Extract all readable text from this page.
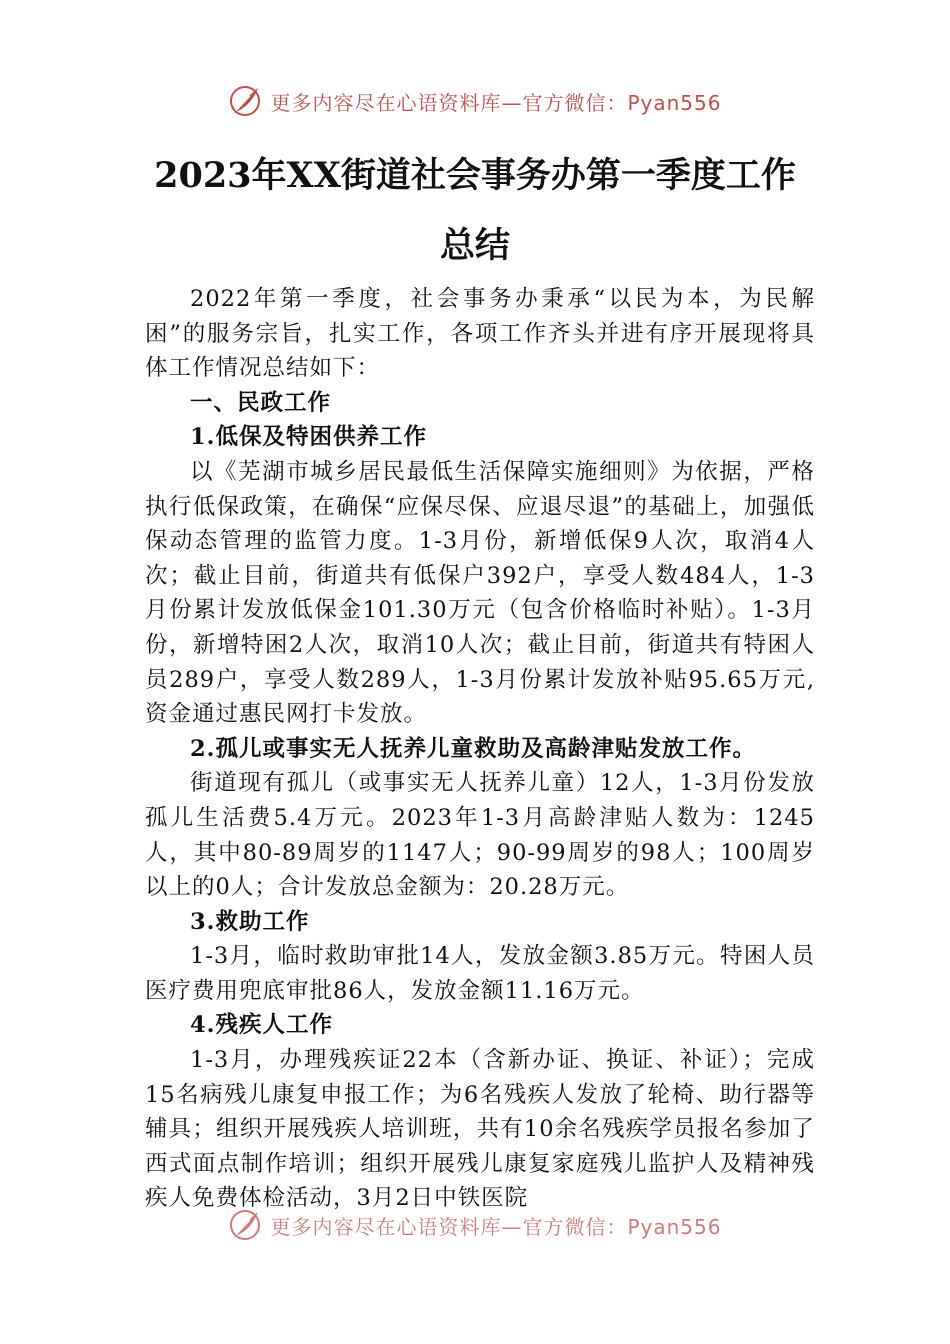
更多内容尽在心语资料库—官方微信：Pyan556
2023年XX街道社会事务办第一季度工作
总结

2022年第一季度，社会事务办秉承“以民为本，为民解困”的服务宗旨，扎实工作，各项工作齐头并进有序开展现将具体工作情况总结如下：

一、民政工作

1.低保及特困供养工作

以《芜湖市城乡居民最低生活保障实施细则》为依据，严格执行低保政策，在确保“应保尽保、应退尽退”的基础上，加强低保动态管理的监管力度。1-3月份，新增低保9人次，取消4人次；截止目前，街道共有低保户392户，享受人数484人，1-3月份累计发放低保金101.30万元（包含价格临时补贴）。1-3月份，新增特困2人次，取消10人次；截止目前，街道共有特困人员289户，享受人数289人，1-3月份累计发放补贴95.65万元,资金通过惠民网打卡发放。

2.孤儿或事实无人抚养儿童救助及高龄津贴发放工作。

街道现有孤儿（或事实无人抚养儿童）12人，1-3月份发放孤儿生活费5.4万元。2023年1-3月高龄津贴人数为：1245人，其中80-89周岁的1147人；90-99周岁的98人；100周岁以上的0人；合计发放总金额为：20.28万元。

3.救助工作

1-3月，临时救助审批14人，发放金额3.85万元。特困人员医疗费用兜底审批86人，发放金额11.16万元。

4.残疾人工作

1-3月，办理残疾证22本（含新办证、换证、补证）；完成15名病残儿康复申报工作；为6名残疾人发放了轮椅、助行器等辅具；组织开展残疾人培训班，共有10余名残疾学员报名参加了西式面点制作培训；组织开展残儿康复家庭残儿监护人及精神残疾人免费体检活动，3月2日中铁医院

更多内容尽在心语资料库—官方微信：Pyan556
